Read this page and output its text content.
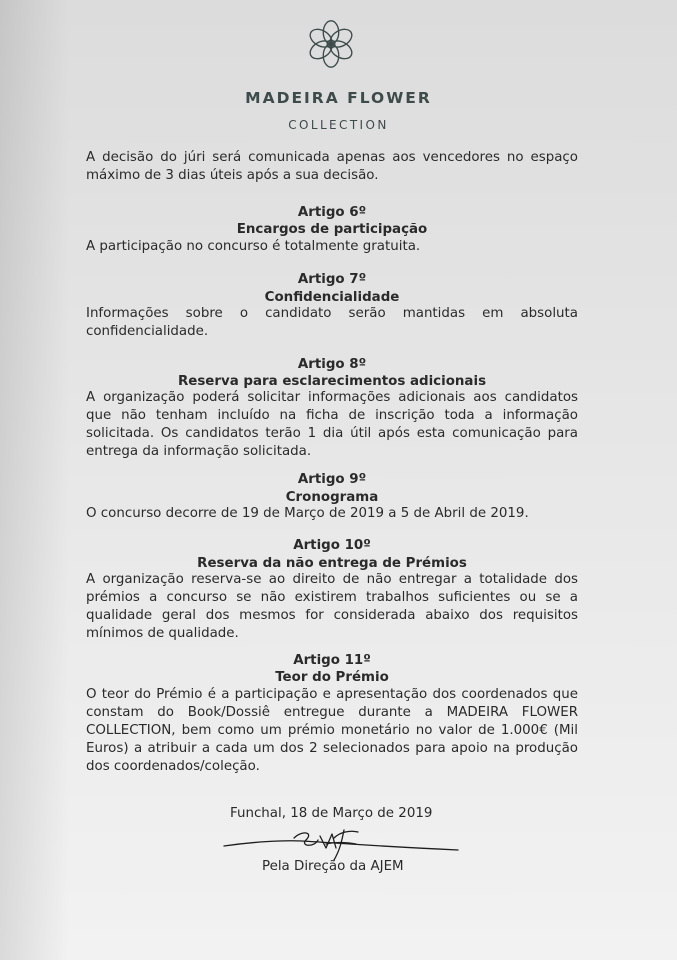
MADEIRA FLOWER
COLLECTION
A decisão do júri será comunicada apenas aos vencedores no espaço máximo de 3 dias úteis após a sua decisão.
Artigo 6º
Encargos de participação
A participação no concurso é totalmente gratuita.
Artigo 7º
Confidencialidade
Informações sobre o candidato serão mantidas em absoluta confidencialidade.
Artigo 8º
Reserva para esclarecimentos adicionais
A organização poderá solicitar informações adicionais aos candidatos que não tenham incluído na ficha de inscrição toda a informação solicitada. Os candidatos terão 1 dia útil após esta comunicação para entrega da informação solicitada.
Artigo 9º
Cronograma
O concurso decorre de 19 de Março de 2019 a 5 de Abril de 2019.
Artigo 10º
Reserva da não entrega de Prémios
A organização reserva-se ao direito de não entregar a totalidade dos prémios a concurso se não existirem trabalhos suficientes ou se a qualidade geral dos mesmos for considerada abaixo dos requisitos mínimos de qualidade.
Artigo 11º
Teor do Prémio
O teor do Prémio é a participação e apresentação dos coordenados que constam do Book/Dossiê entregue durante a MADEIRA FLOWER COLLECTION, bem como um prémio monetário no valor de 1.000€ (Mil Euros) a atribuir a cada um dos 2 selecionados para apoio na produção dos coordenados/coleção.
Funchal, 18 de Março de 2019
Pela Direção da AJEM
